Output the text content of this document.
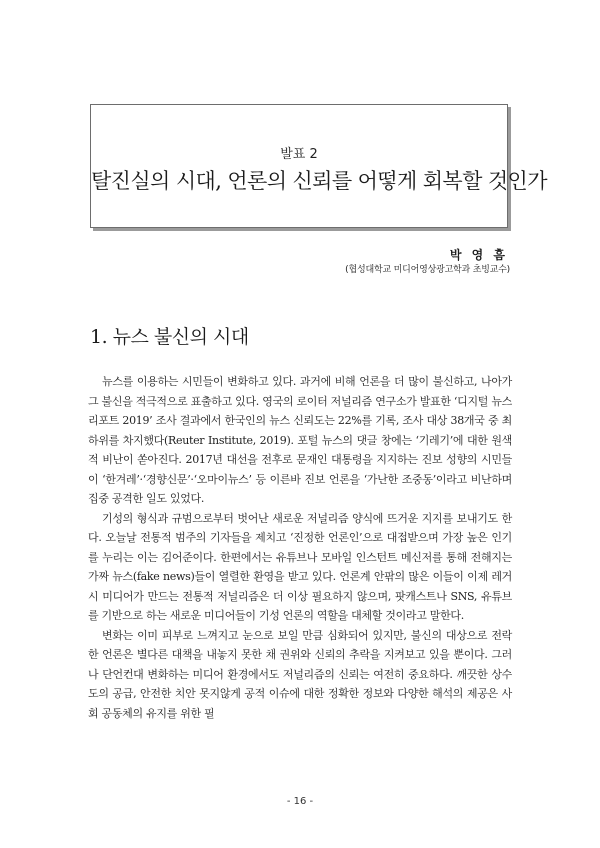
발표 2
탈진실의 시대, 언론의 신뢰를 어떻게 회복할 것인가
박 영 흠
(협성대학교 미디어영상광고학과 초빙교수)
1. 뉴스 불신의 시대

뉴스를 이용하는 시민들이 변화하고 있다. 과거에 비해 언론을 더 많이 불신하고, 나아가 그 불신을 적극적으로 표출하고 있다. 영국의 로이터 저널리즘 연구소가 발표한 ‘디지털 뉴스 리포트 2019’ 조사 결과에서 한국인의 뉴스 신뢰도는 22%를 기록, 조사 대상 38개국 중 최하위를 차지했다(Reuter Institute, 2019). 포털 뉴스의 댓글 창에는 ‘기레기’에 대한 원색적 비난이 쏟아진다. 2017년 대선을 전후로 문재인 대통령을 지지하는 진보 성향의 시민들이 ‘한겨레’·‘경향신문’·‘오마이뉴스’ 등 이른바 진보 언론을 ‘가난한 조중동’이라고 비난하며 집중 공격한 일도 있었다.

기성의 형식과 규범으로부터 벗어난 새로운 저널리즘 양식에 뜨거운 지지를 보내기도 한다. 오늘날 전통적 범주의 기자들을 제치고 ‘진정한 언론인’으로 대접받으며 가장 높은 인기를 누리는 이는 김어준이다. 한편에서는 유튜브나 모바일 인스턴트 메신저를 통해 전해지는 가짜 뉴스(fake news)들이 열렬한 환영을 받고 있다. 언론계 안팎의 많은 이들이 이제 레거시 미디어가 만드는 전통적 저널리즘은 더 이상 필요하지 않으며, 팟캐스트나 SNS, 유튜브를 기반으로 하는 새로운 미디어들이 기성 언론의 역할을 대체할 것이라고 말한다.

변화는 이미 피부로 느껴지고 눈으로 보일 만큼 심화되어 있지만, 불신의 대상으로 전락한 언론은 별다른 대책을 내놓지 못한 채 권위와 신뢰의 추락을 지켜보고 있을 뿐이다. 그러나 단언컨대 변화하는 미디어 환경에서도 저널리즘의 신뢰는 여전히 중요하다. 깨끗한 상수도의 공급, 안전한 치안 못지않게 공적 이슈에 대한 정확한 정보와 다양한 해석의 제공은 사회 공동체의 유지를 위한 필

- 16 -
